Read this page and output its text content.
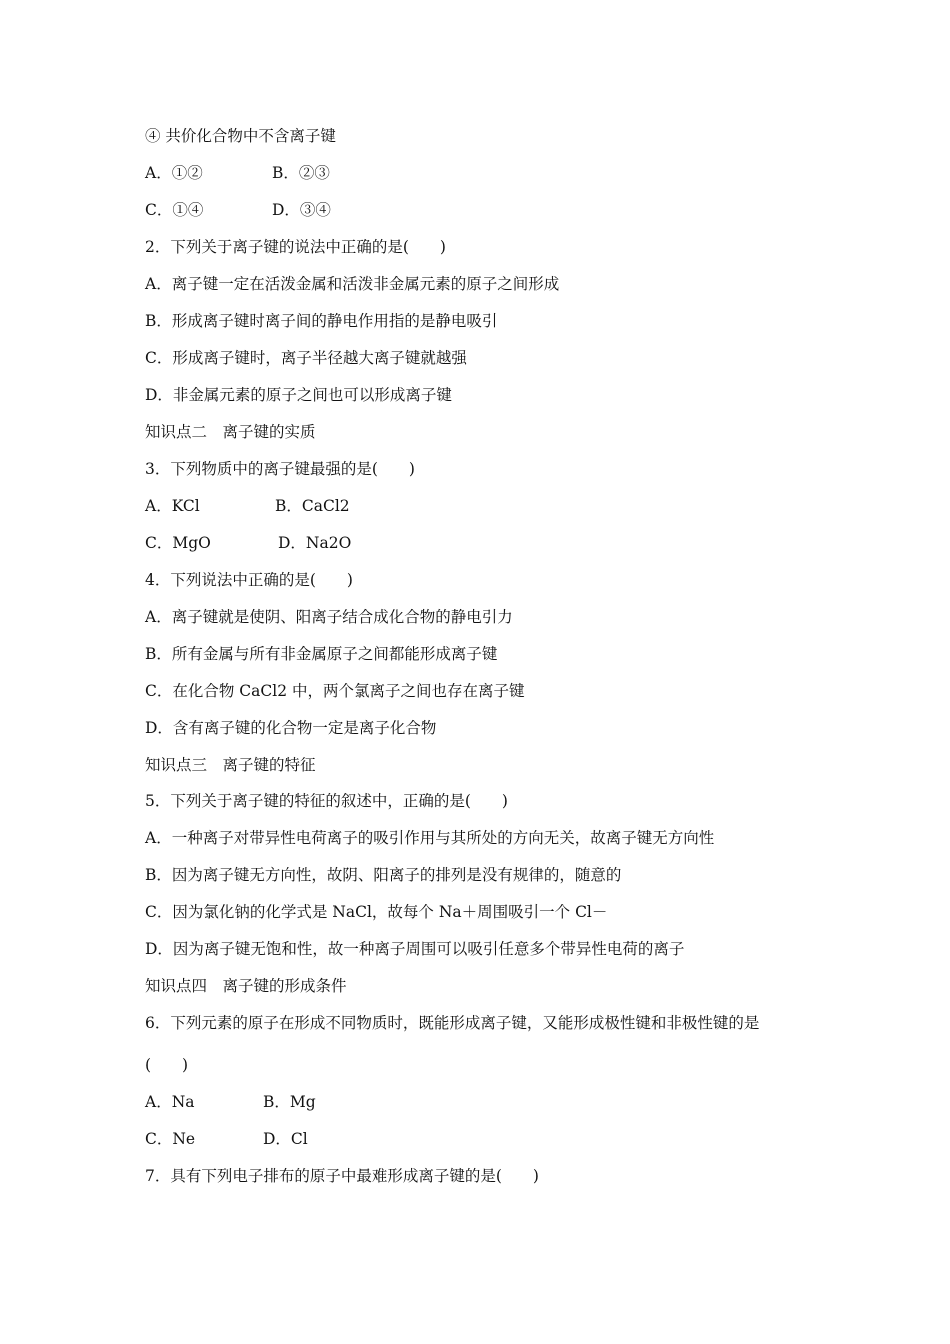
④ 共价化合物中不含离子键
A．①②	B．②③
C．①④	D．③④
2．下列关于离子键的说法中正确的是(　　)
A．离子键一定在活泼金属和活泼非金属元素的原子之间形成
B．形成离子键时离子间的静电作用指的是静电吸引
C．形成离子键时，离子半径越大离子键就越强
D．非金属元素的原子之间也可以形成离子键
知识点二　离子键的实质
3．下列物质中的离子键最强的是(　　)
A．KCl	B．CaCl2
C．MgO	D．Na2O
4．下列说法中正确的是(　　)
A．离子键就是使阴、阳离子结合成化合物的静电引力
B．所有金属与所有非金属原子之间都能形成离子键
C．在化合物 CaCl2 中，两个氯离子之间也存在离子键
D．含有离子键的化合物一定是离子化合物
知识点三　离子键的特征
5．下列关于离子键的特征的叙述中，正确的是(　　)
A．一种离子对带异性电荷离子的吸引作用与其所处的方向无关，故离子键无方向性
B．因为离子键无方向性，故阴、阳离子的排列是没有规律的，随意的
C．因为氯化钠的化学式是 NaCl，故每个 Na＋周围吸引一个 Cl－
D．因为离子键无饱和性，故一种离子周围可以吸引任意多个带异性电荷的离子
知识点四　离子键的形成条件
6．下列元素的原子在形成不同物质时，既能形成离子键，又能形成极性键和非极性键的是
(　　)
A．Na	B．Mg
C．Ne	D．Cl
7．具有下列电子排布的原子中最难形成离子键的是(　　)
